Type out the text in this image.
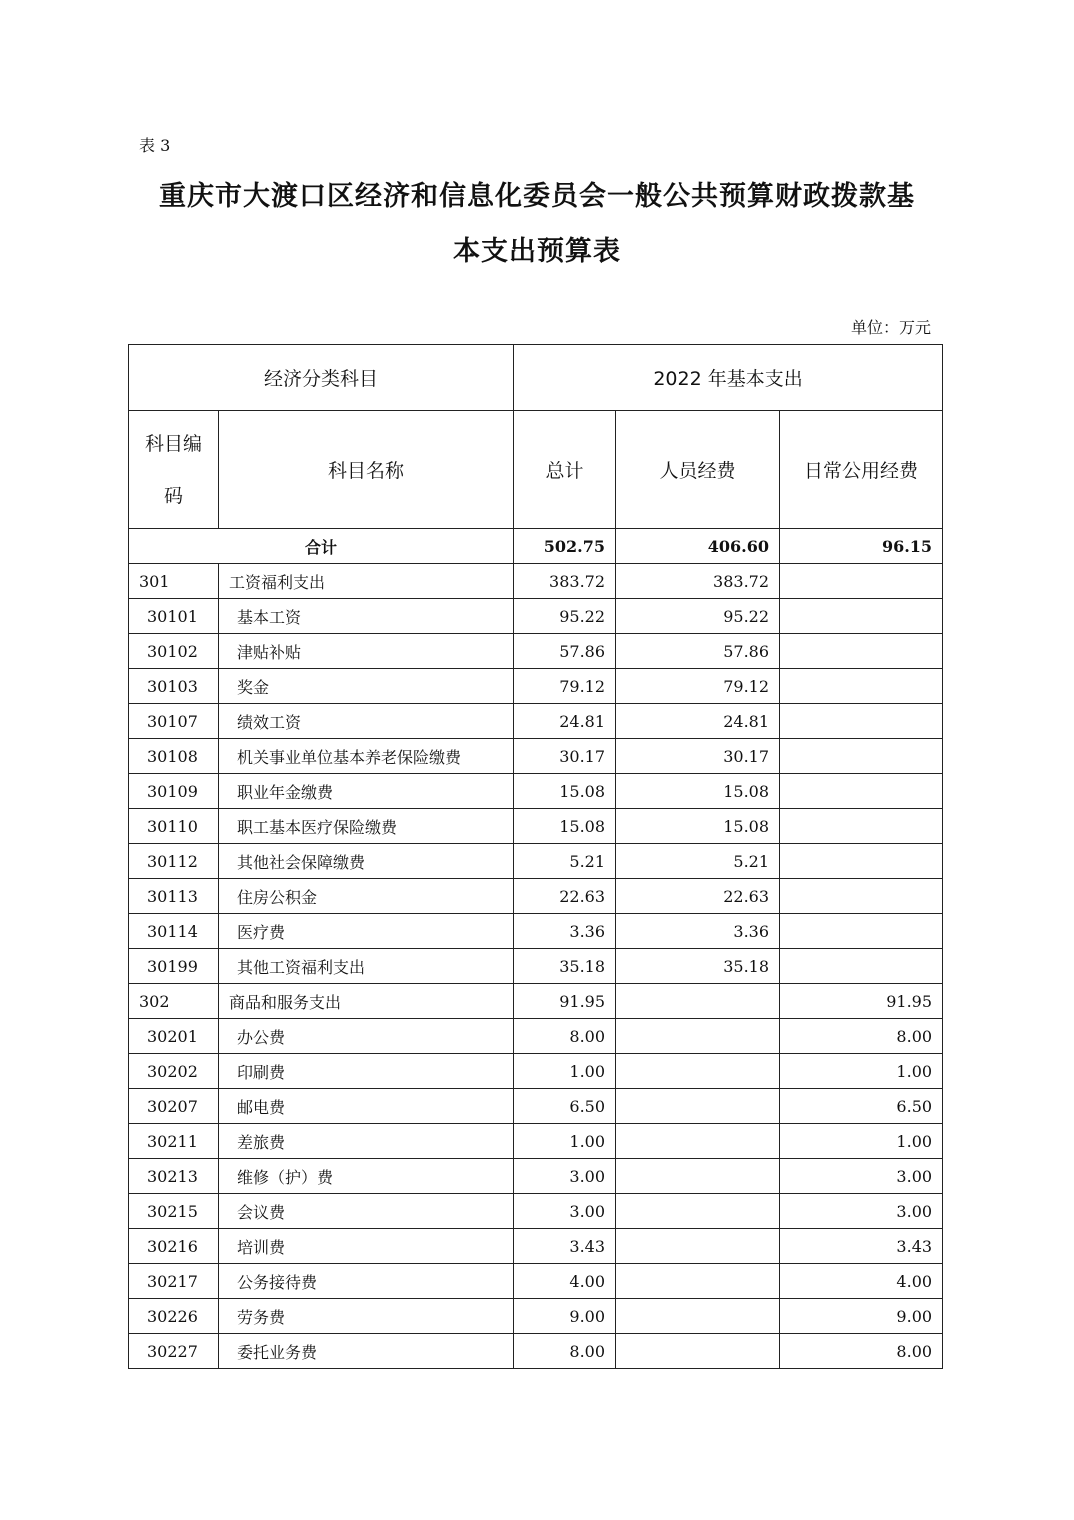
表 3
重庆市大渡口区经济和信息化委员会一般公共预算财政拨款基
本支出预算表
单位：万元
经济分类科目		2022 年基本支出		

科目编
码	科目名称	总计	人员经费	日常公用经费
合计		502.75	406.60	96.15
301	工资福利支出	383.72	383.72	
30101	基本工资	95.22	95.22	
30102	津贴补贴	57.86	57.86	
30103	奖金	79.12	79.12	
30107	绩效工资	24.81	24.81	
30108	机关事业单位基本养老保险缴费	30.17	30.17	
30109	职业年金缴费	15.08	15.08	
30110	职工基本医疗保险缴费	15.08	15.08	
30112	其他社会保障缴费	5.21	5.21	
30113	住房公积金	22.63	22.63	
30114	医疗费	3.36	3.36	
30199	其他工资福利支出	35.18	35.18	
302	商品和服务支出	91.95		91.95
30201	办公费	8.00		8.00
30202	印刷费	1.00		1.00
30207	邮电费	6.50		6.50
30211	差旅费	1.00		1.00
30213	维修（护）费	3.00		3.00
30215	会议费	3.00		3.00
30216	培训费	3.43		3.43
30217	公务接待费	4.00		4.00
30226	劳务费	9.00		9.00
30227	委托业务费	8.00		8.00
